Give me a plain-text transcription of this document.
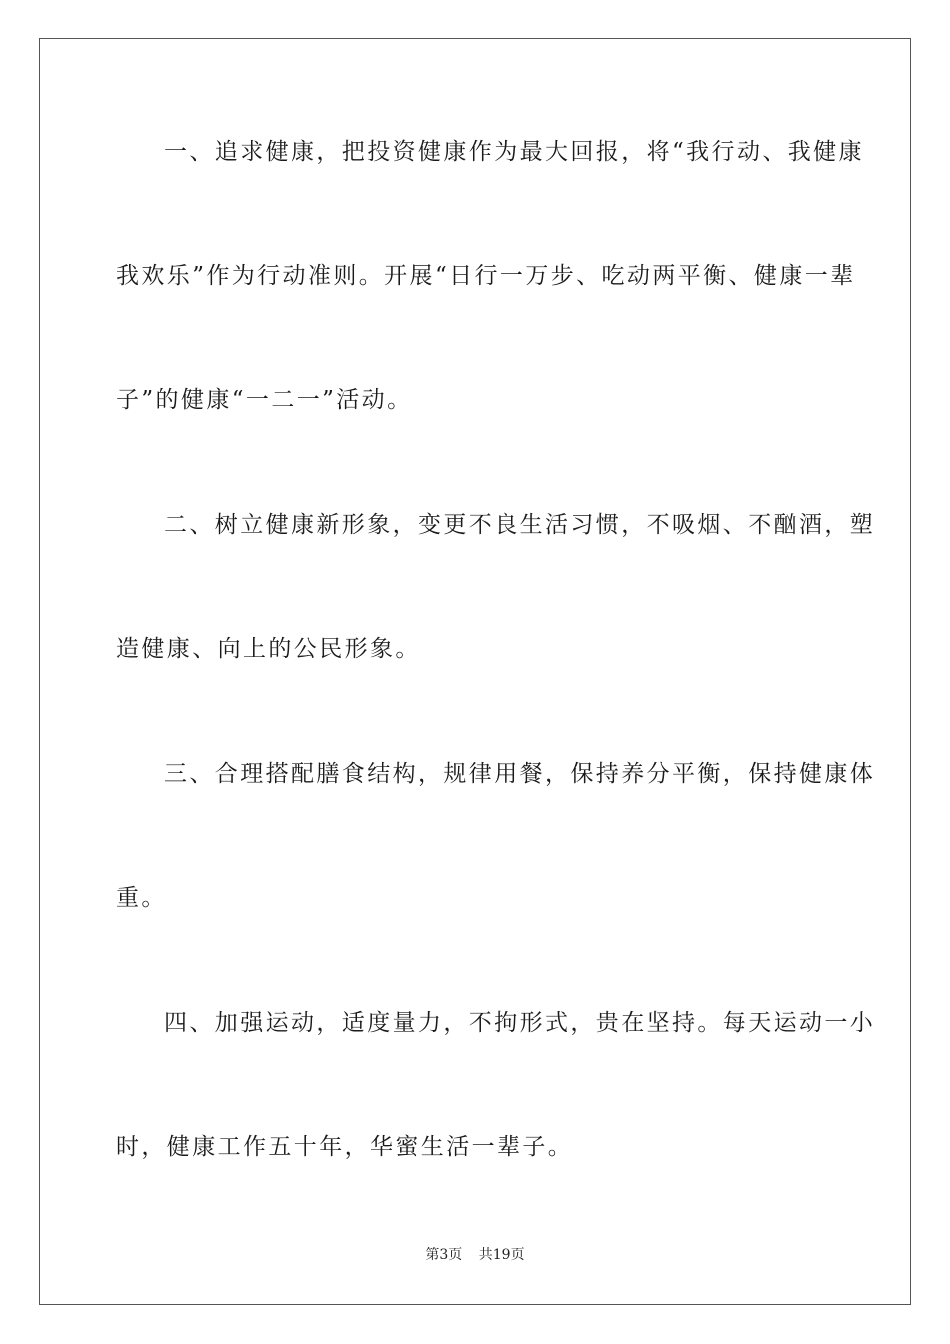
一、追求健康，把投资健康作为最大回报，将“我行动、我健康
我欢乐”作为行动准则。开展“日行一万步、吃动两平衡、健康一辈
子”的健康“一二一”活动。
二、树立健康新形象，变更不良生活习惯，不吸烟、不酗酒，塑
造健康、向上的公民形象。
三、合理搭配膳食结构，规律用餐，保持养分平衡，保持健康体
重。
四、加强运动，适度量力，不拘形式，贵在坚持。每天运动一小
时，健康工作五十年，华蜜生活一辈子。
第3页 共19页
